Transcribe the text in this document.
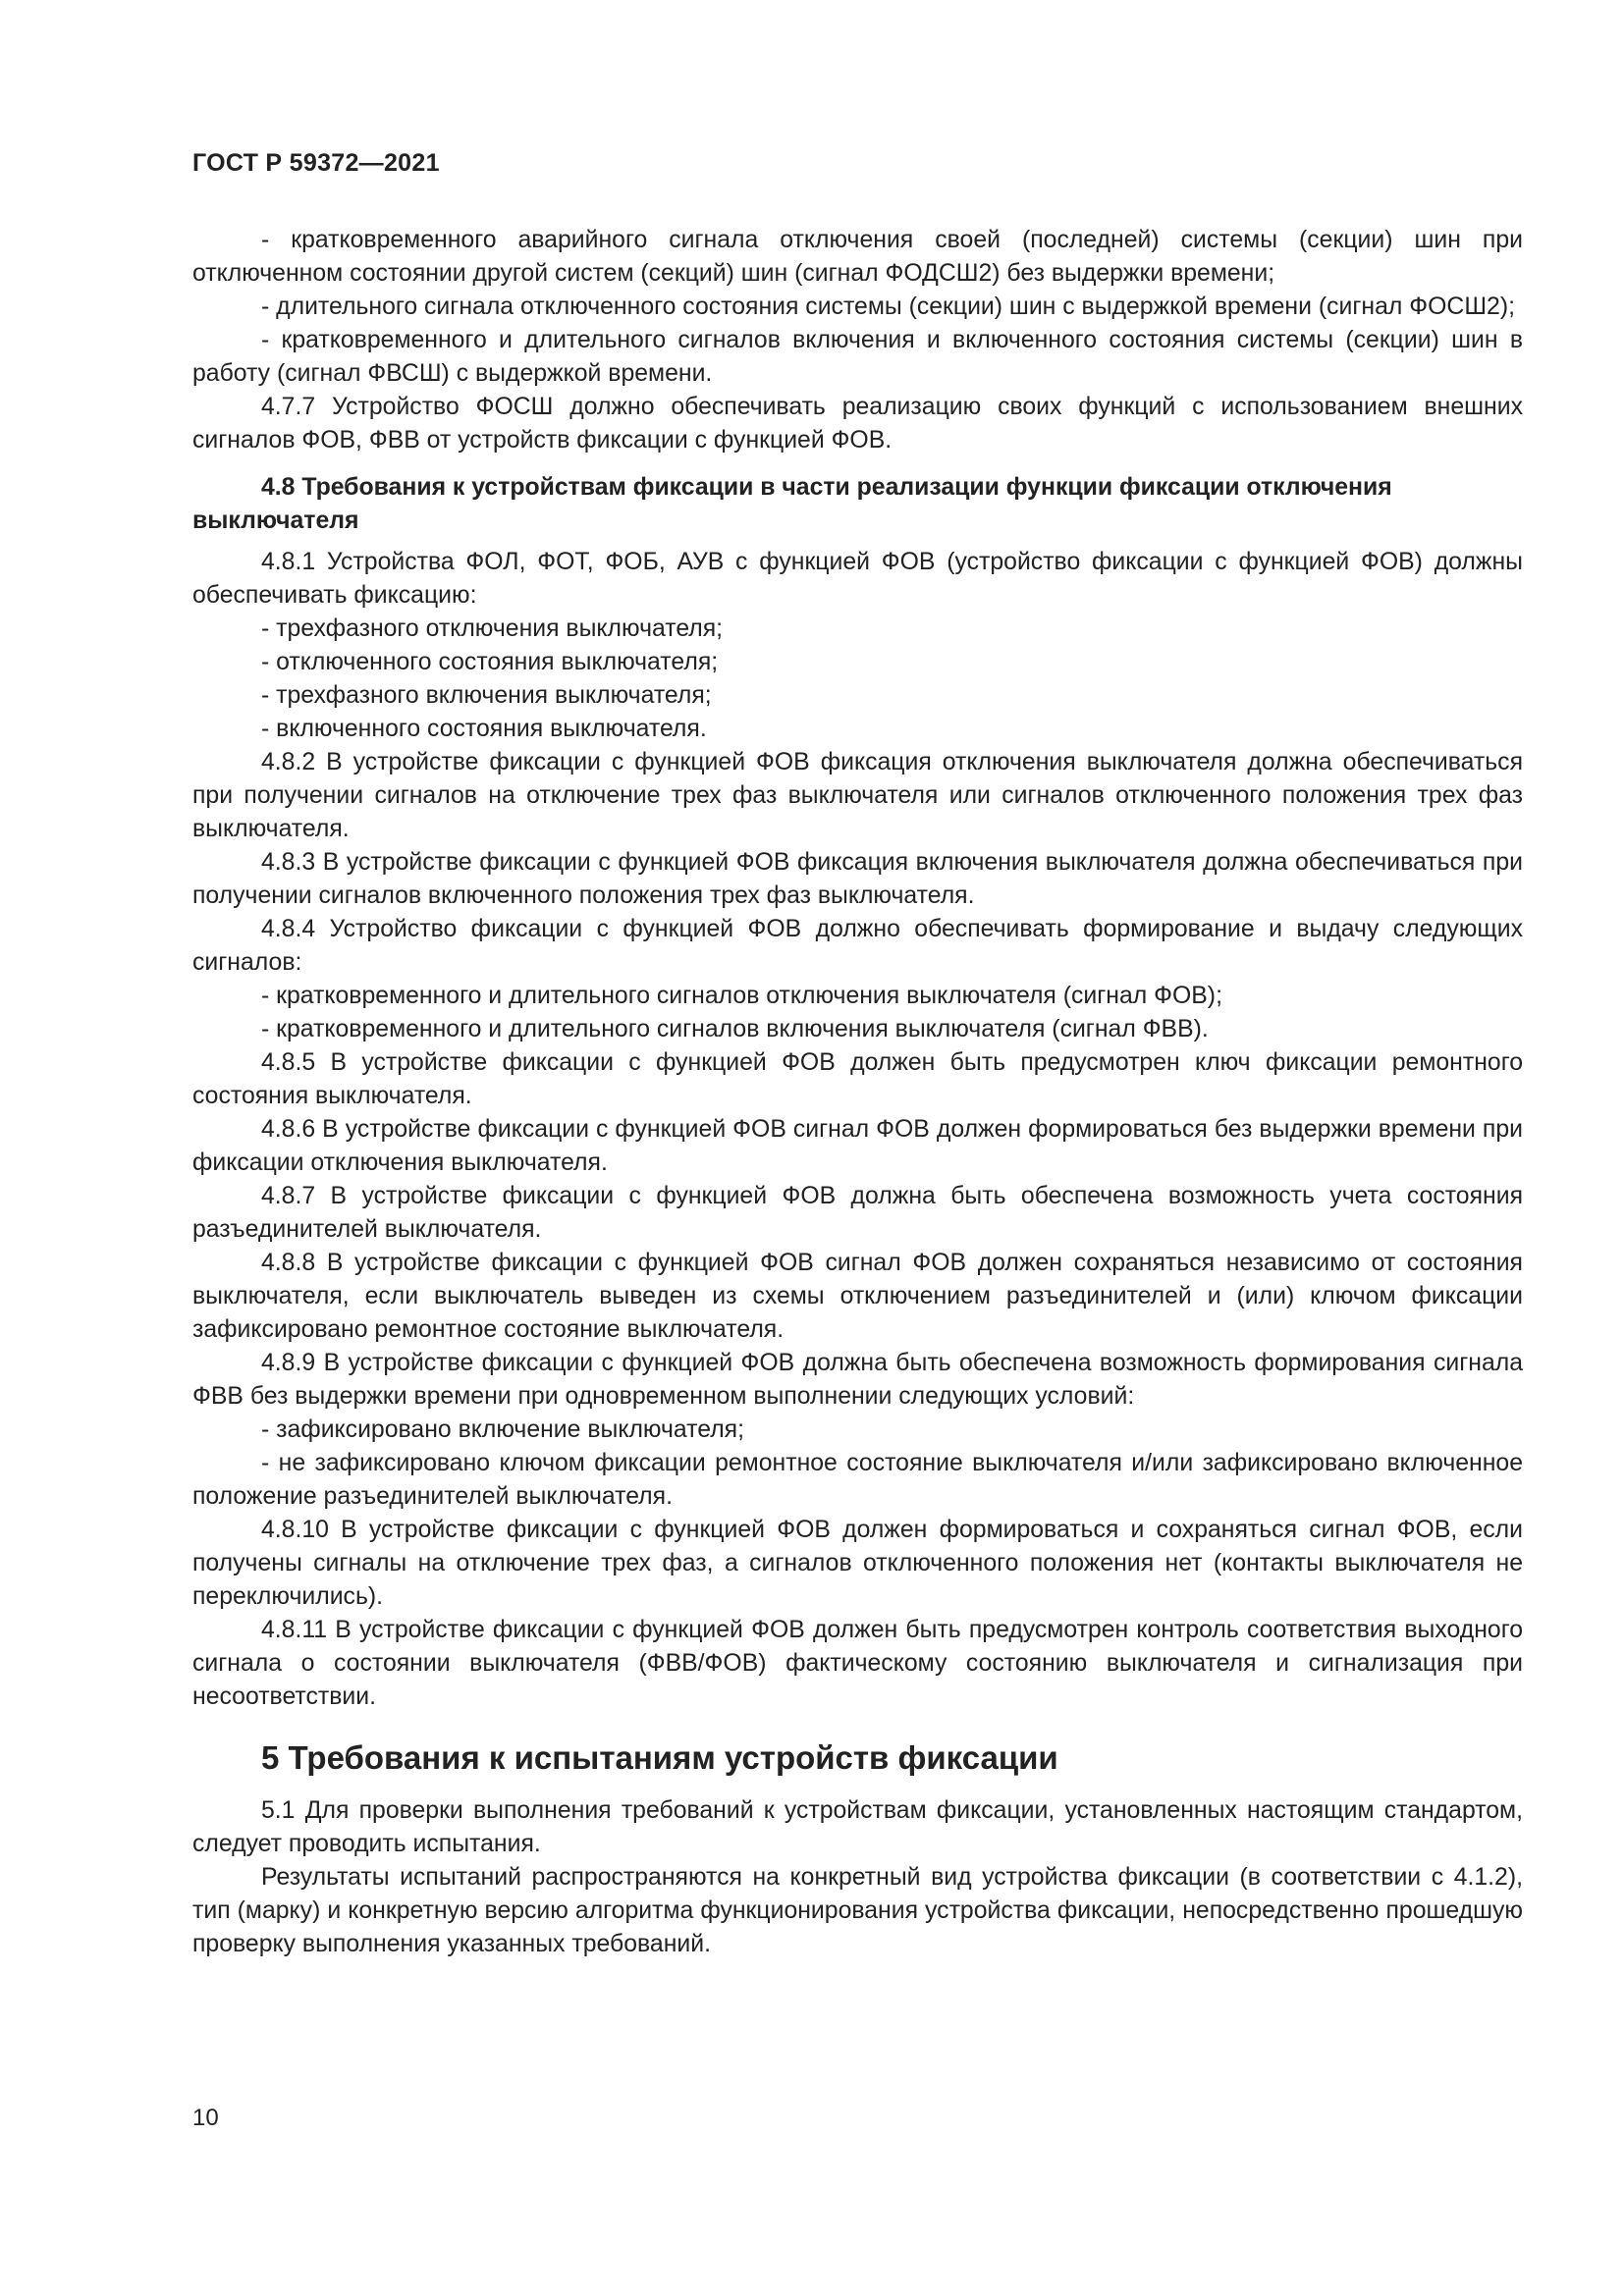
ГОСТ Р 59372—2021

- кратковременного аварийного сигнала отключения своей (последней) системы (секции) шин при отключенном состоянии другой систем (секций) шин (сигнал ФОДСШ2) без выдержки времени;

- длительного сигнала отключенного состояния системы (секции) шин с выдержкой времени (сигнал ФОСШ2);

- кратковременного и длительного сигналов включения и включенного состояния системы (секции) шин в работу (сигнал ФВСШ) с выдержкой времени.

4.7.7 Устройство ФОСШ должно обеспечивать реализацию своих функций с использованием внешних сигналов ФОВ, ФВВ от устройств фиксации с функцией ФОВ.

4.8 Требования к устройствам фиксации в части реализации функции фиксации отключения выключателя

4.8.1 Устройства ФОЛ, ФОТ, ФОБ, АУВ с функцией ФОВ (устройство фиксации с функцией ФОВ) должны обеспечивать фиксацию:

- трехфазного отключения выключателя;

- отключенного состояния выключателя;

- трехфазного включения выключателя;

- включенного состояния выключателя.

4.8.2 В устройстве фиксации с функцией ФОВ фиксация отключения выключателя должна обеспечиваться при получении сигналов на отключение трех фаз выключателя или сигналов отключенного положения трех фаз выключателя.

4.8.3 В устройстве фиксации с функцией ФОВ фиксация включения выключателя должна обеспечиваться при получении сигналов включенного положения трех фаз выключателя.

4.8.4 Устройство фиксации с функцией ФОВ должно обеспечивать формирование и выдачу следующих сигналов:

- кратковременного и длительного сигналов отключения выключателя (сигнал ФОВ);

- кратковременного и длительного сигналов включения выключателя (сигнал ФВВ).

4.8.5 В устройстве фиксации с функцией ФОВ должен быть предусмотрен ключ фиксации ремонтного состояния выключателя.

4.8.6 В устройстве фиксации с функцией ФОВ сигнал ФОВ должен формироваться без выдержки времени при фиксации отключения выключателя.

4.8.7 В устройстве фиксации с функцией ФОВ должна быть обеспечена возможность учета состояния разъединителей выключателя.

4.8.8 В устройстве фиксации с функцией ФОВ сигнал ФОВ должен сохраняться независимо от состояния выключателя, если выключатель выведен из схемы отключением разъединителей и (или) ключом фиксации зафиксировано ремонтное состояние выключателя.

4.8.9 В устройстве фиксации с функцией ФОВ должна быть обеспечена возможность формирования сигнала ФВВ без выдержки времени при одновременном выполнении следующих условий:

- зафиксировано включение выключателя;

- не зафиксировано ключом фиксации ремонтное состояние выключателя и/или зафиксировано включенное положение разъединителей выключателя.

4.8.10 В устройстве фиксации с функцией ФОВ должен формироваться и сохраняться сигнал ФОВ, если получены сигналы на отключение трех фаз, а сигналов отключенного положения нет (контакты выключателя не переключились).

4.8.11 В устройстве фиксации с функцией ФОВ должен быть предусмотрен контроль соответствия выходного сигнала о состоянии выключателя (ФВВ/ФОВ) фактическому состоянию выключателя и сигнализация при несоответствии.

5 Требования к испытаниям устройств фиксации

5.1 Для проверки выполнения требований к устройствам фиксации, установленных настоящим стандартом, следует проводить испытания.

Результаты испытаний распространяются на конкретный вид устройства фиксации (в соответствии с 4.1.2), тип (марку) и конкретную версию алгоритма функционирования устройства фиксации, непосредственно прошедшую проверку выполнения указанных требований.

10
